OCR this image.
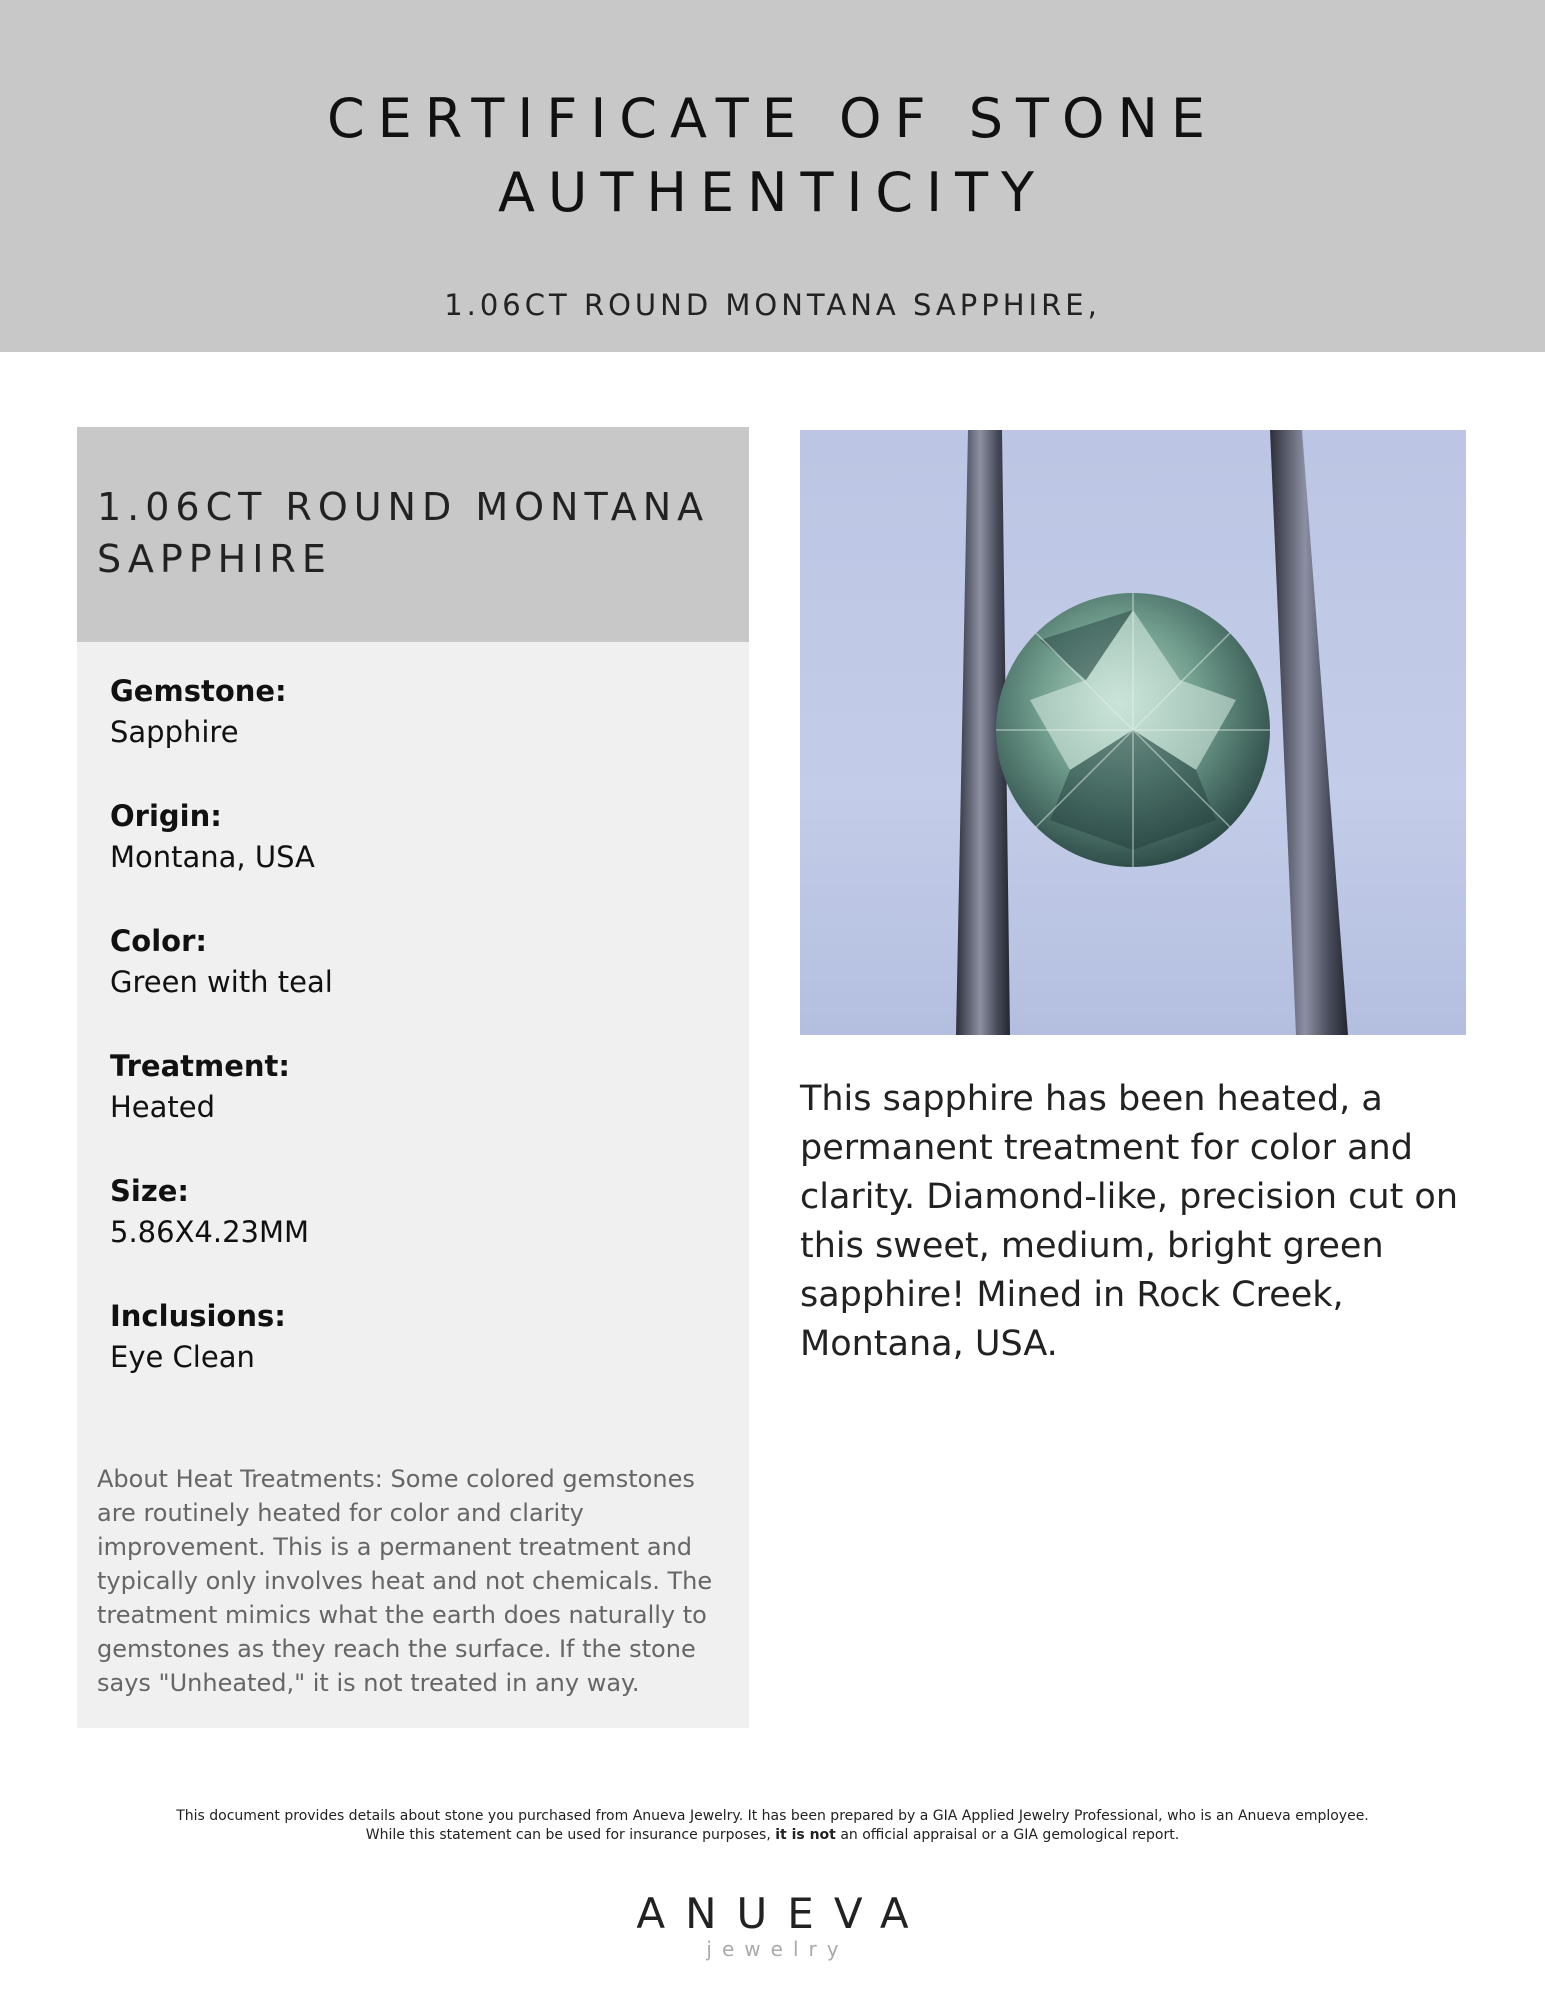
CERTIFICATE OF STONE
AUTHENTICITY

1.06CT ROUND MONTANA SAPPHIRE,

1.06CT ROUND MONTANA
SAPPHIRE

Gemstone:
Sapphire
Origin:
Montana, USA
Color:
Green with teal
Treatment:
Heated
Size:
5.86X4.23MM
Inclusions:
Eye Clean

About Heat Treatments: Some colored gemstones are routinely heated for color and clarity improvement. This is a permanent treatment and typically only involves heat and not chemicals. The treatment mimics what the earth does naturally to gemstones as they reach the surface. If the stone says "Unheated," it is not treated in any way.

This sapphire has been heated, a permanent treatment for color and clarity. Diamond-like, precision cut on this sweet, medium, bright green sapphire! Mined in Rock Creek, Montana, USA.

This document provides details about stone you purchased from Anueva Jewelry. It has been prepared by a GIA Applied Jewelry Professional, who is an Anueva employee.
While this statement can be used for insurance purposes, it is not an official appraisal or a GIA gemological report.
ANUEVA
jewelry
